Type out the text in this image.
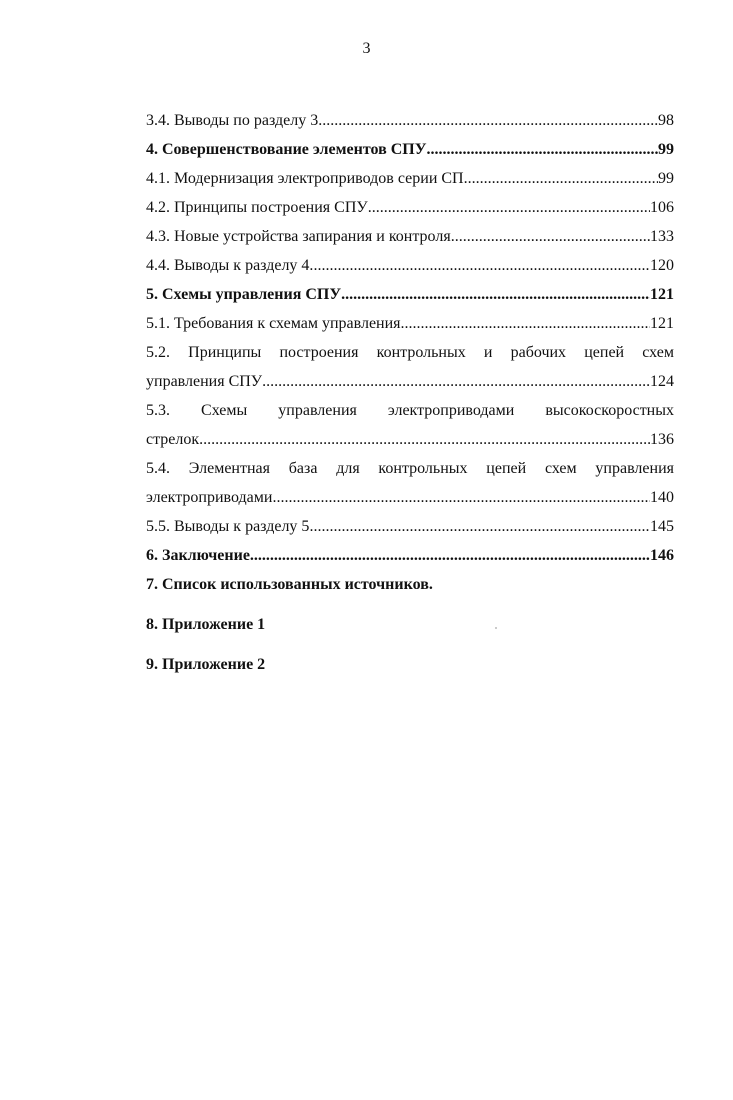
3
3.4. Выводы по разделу 3 .....	98
4. Совершенствование элементов СПУ .....	99
4.1. Модернизация электроприводов серии СП. .....	99
4.2. Принципы построения СПУ .....	106
4.3. Новые устройства запирания и контроля .....	133
4.4. Выводы к разделу 4. .....	120
5. Схемы управления СПУ .....	121
5.1. Требования к схемам управления. .....	121
5.2. Принципы построения контрольных и рабочих цепей схем
управления СПУ .....	124
5.3. Схемы управления электроприводами высокоскоростных
стрелок .....	136
5.4. Элементная база для контрольных цепей схем управления
электроприводами .....	140
5.5. Выводы к разделу 5 .....	145
6. Заключение .....	146
7. Список использованных источников.
8. Приложение 1
9. Приложение 2
